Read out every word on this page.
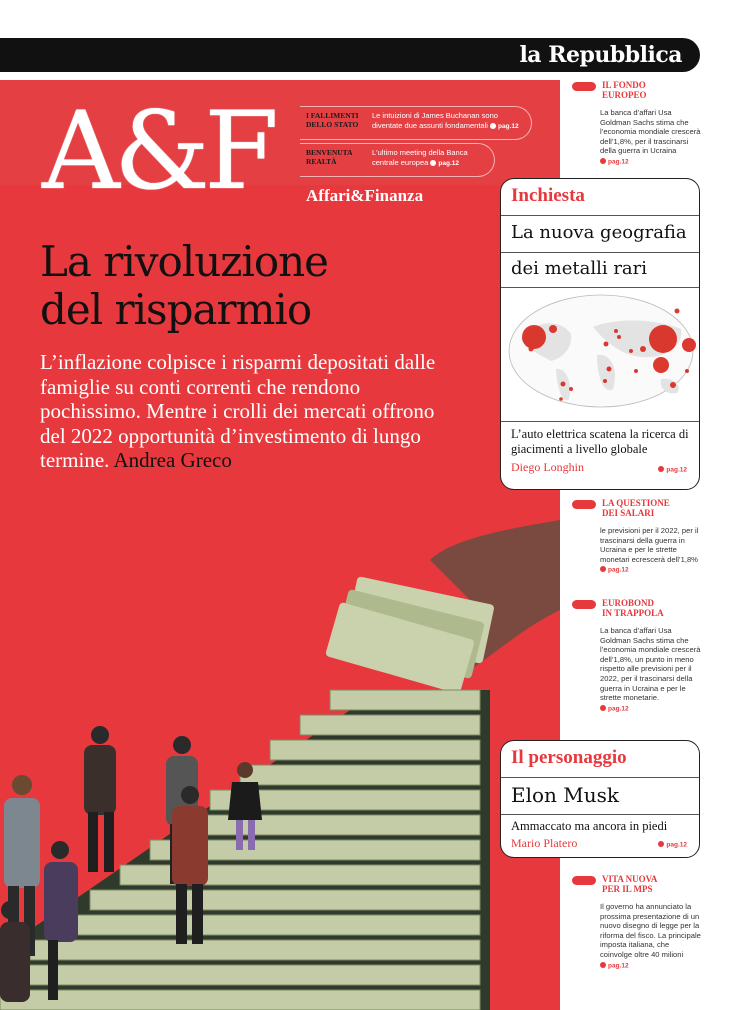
la Repubblica
A&F Affari&Finanza
I FALLIMENTI
DELLO STATO
Le intuizioni di James Buchanan sono diventate due assunti fondamentali pag.12
BENVENUTA
REALTÀ
L'ultimo meeting della Banca centrale europea pag.12
La rivoluzione
del risparmio
L’inflazione colpisce i risparmi depositati dalle famiglie su conti correnti che rendono pochissimo. Mentre i crolli dei mercati offrono del 2022 opportunità d’investimento di lungo termine. Andrea Greco
IL FONDO
EUROPEO
La banca d’affari Usa Goldman Sachs stima che l’economia mondiale crescerà dell’1,8%, per il trascinarsi della guerra in Ucraina
pag.12
Inchiesta
La nuova geografia
dei metalli rari
L’auto elettrica scatena la ricerca di giacimenti a livello globale
Diego Longhin	pag.12
LA QUESTIONE
DEI SALARI
le previsioni per il 2022, per il trascinarsi della guerra in Ucraina e per le strette monetari ecrescerà dell’1,8%
pag.12
EUROBOND
IN TRAPPOLA
La banca d’affari Usa Goldman Sachs stima che l’economia mondiale crescerà dell’1,8%, un punto in meno rispetto alle previsioni per il 2022, per il trascinarsi della guerra in Ucraina e per le strette monetarie.
pag.12
Il personaggio
Elon Musk
Ammaccato ma ancora in piedi
Mario Platero	pag.12
VITA NUOVA
PER IL MPS
Il governo ha annunciato la prossima presentazione di un nuovo disegno di legge per la riforma del fisco. La principale imposta italiana, che coinvolge oltre 40 milioni
pag.12
